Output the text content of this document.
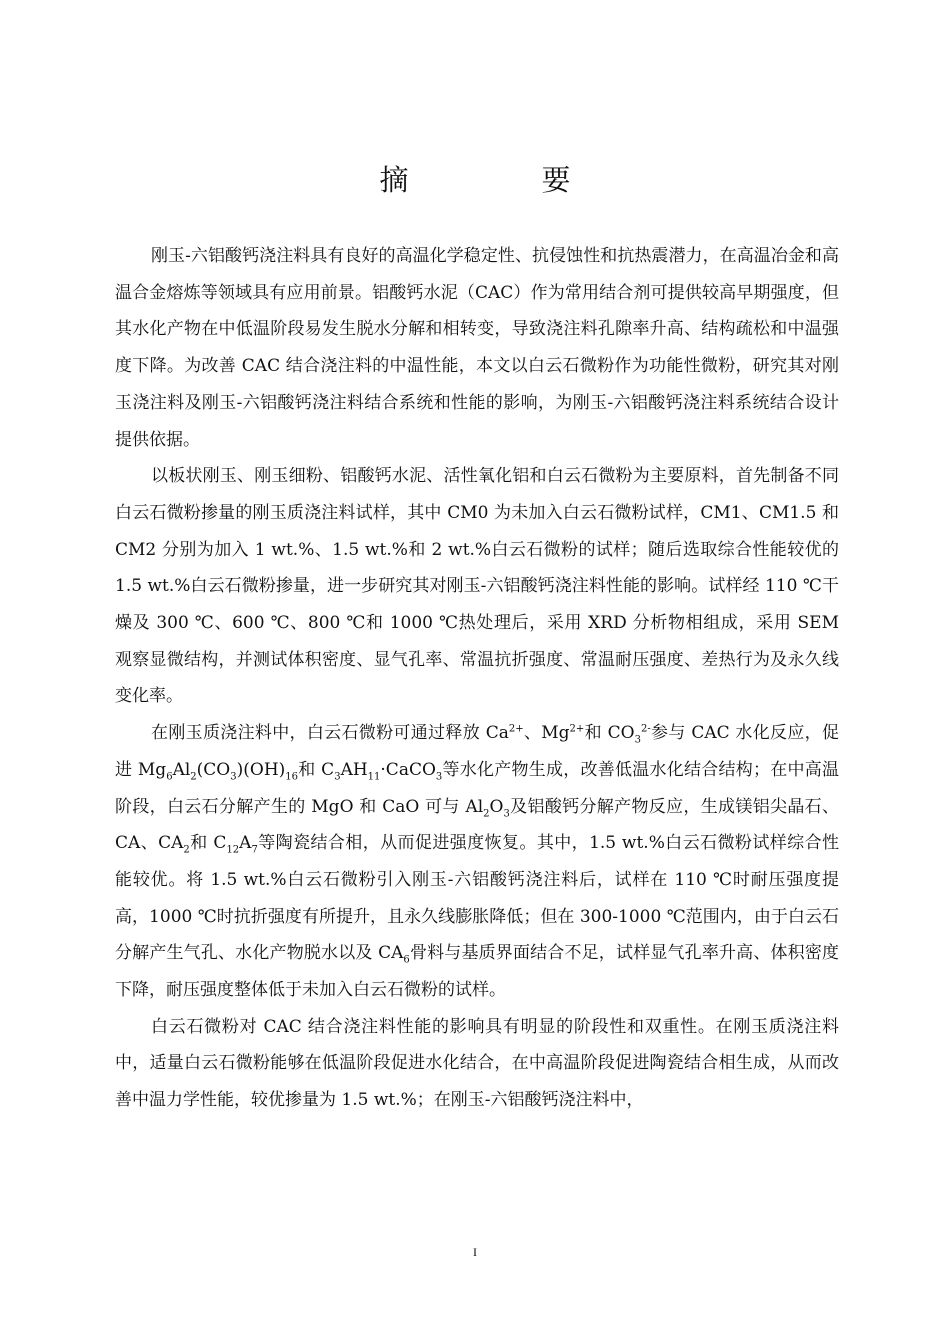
摘　要

刚玉-六铝酸钙浇注料具有良好的高温化学稳定性、抗侵蚀性和抗热震潜力，在高温冶金和高温合金熔炼等领域具有应用前景。铝酸钙水泥（CAC）作为常用结合剂可提供较高早期强度，但其水化产物在中低温阶段易发生脱水分解和相转变，导致浇注料孔隙率升高、结构疏松和中温强度下降。为改善 CAC 结合浇注料的中温性能，本文以白云石微粉作为功能性微粉，研究其对刚玉浇注料及刚玉-六铝酸钙浇注料结合系统和性能的影响，为刚玉-六铝酸钙浇注料系统结合设计提供依据。

以板状刚玉、刚玉细粉、铝酸钙水泥、活性氧化铝和白云石微粉为主要原料，首先制备不同白云石微粉掺量的刚玉质浇注料试样，其中 CM0 为未加入白云石微粉试样，CM1、CM1.5 和 CM2 分别为加入 1 wt.%、1.5 wt.%和 2 wt.%白云石微粉的试样；随后选取综合性能较优的 1.5 wt.%白云石微粉掺量，进一步研究其对刚玉-六铝酸钙浇注料性能的影响。试样经 110 ℃干燥及 300 ℃、600 ℃、800 ℃和 1000 ℃热处理后，采用 XRD 分析物相组成，采用 SEM 观察显微结构，并测试体积密度、显气孔率、常温抗折强度、常温耐压强度、差热行为及永久线变化率。

在刚玉质浇注料中，白云石微粉可通过释放 $Ca^{2+}$、$Mg^{2+}$和 $CO_3^{2-}$参与 CAC 水化反应，促进 $Mg_6Al_2(CO_3)(OH)_{16}$和 $C_3AH_{11}\cdot CaCO_3$等水化产物生成，改善低温水化结合结构；在中高温阶段，白云石分解产生的 MgO 和 CaO 可与 $Al_2O_3$及铝酸钙分解产物反应，生成镁铝尖晶石、CA、$CA_2$和 $C_{12}A_7$等陶瓷结合相，从而促进强度恢复。其中，1.5 wt.%白云石微粉试样综合性能较优。将 1.5 wt.%白云石微粉引入刚玉-六铝酸钙浇注料后，试样在 110 ℃时耐压强度提高，1000 ℃时抗折强度有所提升，且永久线膨胀降低；但在 300-1000 ℃范围内，由于白云石分解产生气孔、水化产物脱水以及 $CA_6$骨料与基质界面结合不足，试样显气孔率升高、体积密度下降，耐压强度整体低于未加入白云石微粉的试样。

白云石微粉对 CAC 结合浇注料性能的影响具有明显的阶段性和双重性。在刚玉质浇注料中，适量白云石微粉能够在低温阶段促进水化结合，在中高温阶段促进陶瓷结合相生成，从而改善中温力学性能，较优掺量为 1.5 wt.%；在刚玉-六铝酸钙浇注料中，

I
